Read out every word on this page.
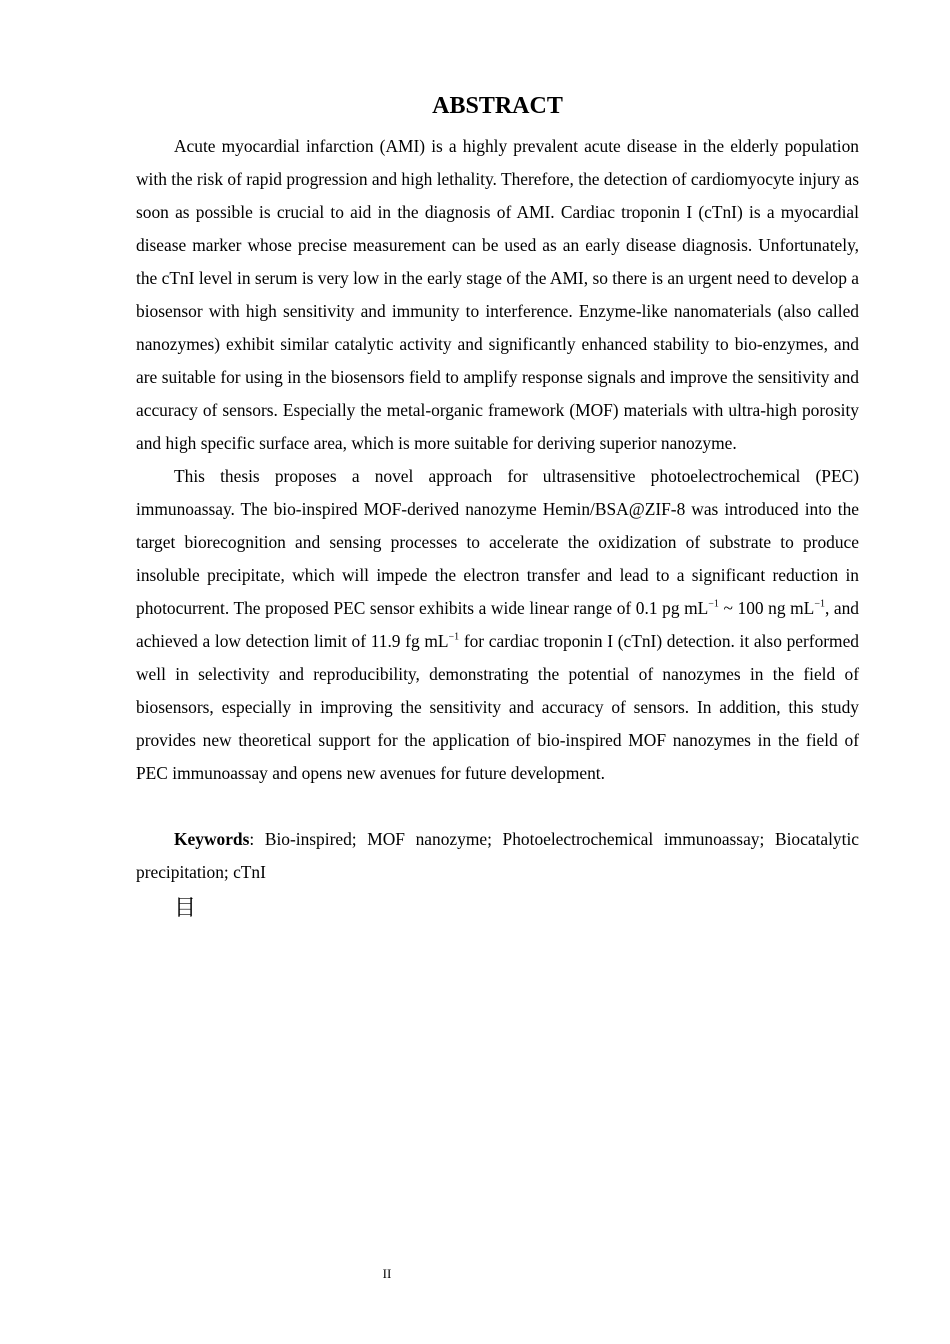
ABSTRACT

Acute myocardial infarction (AMI) is a highly prevalent acute disease in the elderly population with the risk of rapid progression and high lethality. Therefore, the detection of cardiomyocyte injury as soon as possible is crucial to aid in the diagnosis of AMI. Cardiac troponin I (cTnI) is a myocardial disease marker whose precise measurement can be used as an early disease diagnosis. Unfortunately, the cTnI level in serum is very low in the early stage of the AMI, so there is an urgent need to develop a biosensor with high sensitivity and immunity to interference. Enzyme-like nanomaterials (also called nanozymes) exhibit similar catalytic activity and significantly enhanced stability to bio-enzymes, and are suitable for using in the biosensors field to amplify response signals and improve the sensitivity and accuracy of sensors. Especially the metal-organic framework (MOF) materials with ultra-high porosity and high specific surface area, which is more suitable for deriving superior nanozyme.

This thesis proposes a novel approach for ultrasensitive photoelectrochemical (PEC) immunoassay. The bio-inspired MOF-derived nanozyme Hemin/BSA@ZIF-8 was introduced into the target biorecognition and sensing processes to accelerate the oxidization of substrate to produce insoluble precipitate, which will impede the electron transfer and lead to a significant reduction in photocurrent. The proposed PEC sensor exhibits a wide linear range of 0.1 pg $mL^{-1}$ ~ 100 ng $mL^{-1}$, and achieved a low detection limit of 11.9 fg $mL^{-1}$ for cardiac troponin I (cTnI) detection. it also performed well in selectivity and reproducibility, demonstrating the potential of nanozymes in the field of biosensors, especially in improving the sensitivity and accuracy of sensors. In addition, this study provides new theoretical support for the application of bio-inspired MOF nanozymes in the field of PEC immunoassay and opens new avenues for future development.

Keywords: Bio-inspired; MOF nanozyme; Photoelectrochemical immunoassay; Biocatalytic precipitation; cTnI

目
II
